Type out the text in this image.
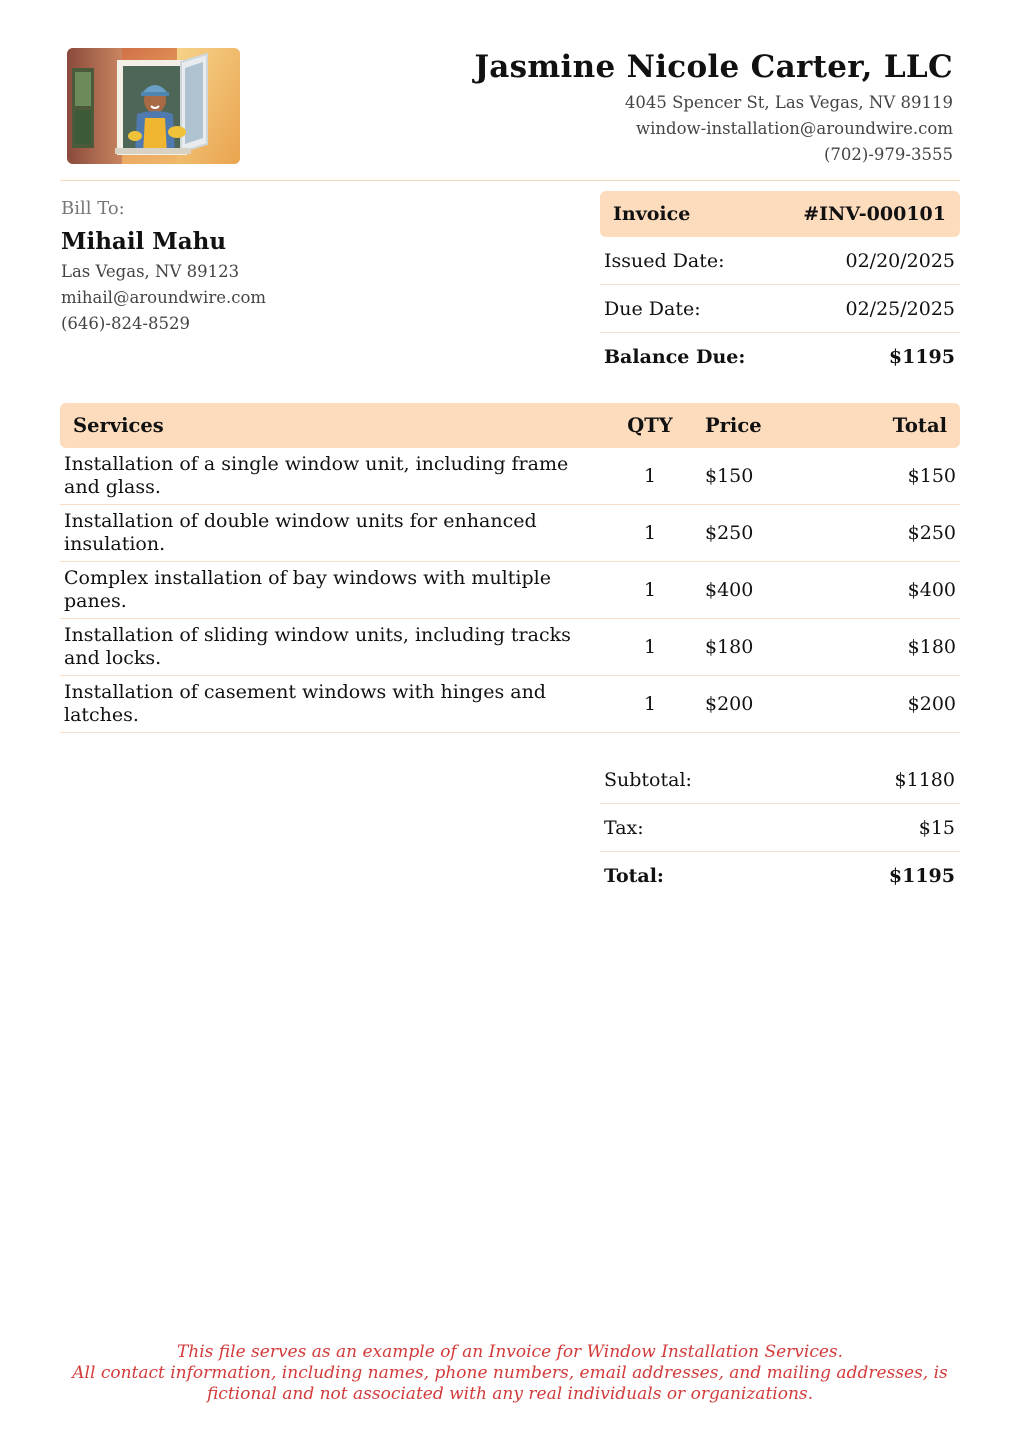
Jasmine Nicole Carter, LLC
4045 Spencer St, Las Vegas, NV 89119
window-installation@aroundwire.com
(702)-979-3555
Bill To:
Mihail Mahu
Las Vegas, NV 89123
mihail@aroundwire.com
(646)-824-8529
Invoice	#INV-000101
Issued Date:	02/20/2025
Due Date:	02/25/2025
Balance Due:	$1195
Services	QTY	Price	Total
Installation of a single window unit, including frame and glass.	1	$150	$150
Installation of double window units for enhanced insulation.	1	$250	$250
Complex installation of bay windows with multiple panes.	1	$400	$400
Installation of sliding window units, including tracks and locks.	1	$180	$180
Installation of casement windows with hinges and latches.	1	$200	$200
Subtotal:	$1180
Tax:	$15
Total:	$1195
This file serves as an example of an Invoice for Window Installation Services.
All contact information, including names, phone numbers, email addresses, and mailing addresses, is
fictional and not associated with any real individuals or organizations.
